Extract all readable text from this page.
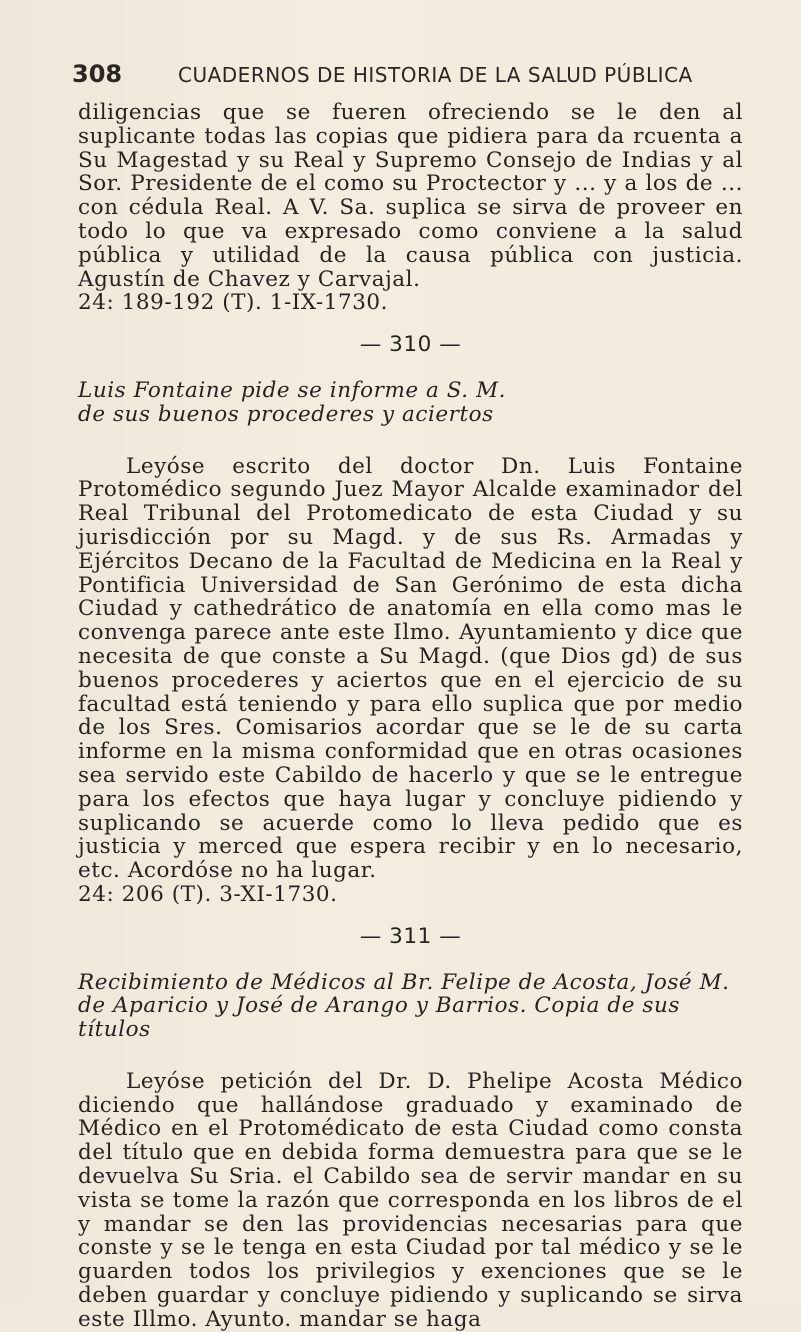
308	CUADERNOS DE HISTORIA DE LA SALUD PÚBLICA

diligencias que se fueren ofreciendo se le den al suplicante todas las copias que pidiera para da rcuenta a Su Magestad y su Real y Supremo Consejo de Indias y al Sor. Presidente de el como su Proctector y ... y a los de ... con cédula Real. A V. Sa. suplica se sirva de proveer en todo lo que va expresado como conviene a la salud pública y utilidad de la causa pública con justicia. Agustín de Chavez y Carvajal.

24: 189-192 (T). 1-IX-1730.

— 310 —
Luis Fontaine pide se informe a S. M.
de sus buenos procederes y aciertos

Leyóse escrito del doctor Dn. Luis Fontaine Protomédico segundo Juez Mayor Alcalde examinador del Real Tribunal del Protomedicato de esta Ciudad y su jurisdicción por su Magd. y de sus Rs. Armadas y Ejércitos Decano de la Facultad de Medicina en la Real y Pontificia Universidad de San Gerónimo de esta dicha Ciudad y cathedrático de anatomía en ella como mas le convenga parece ante este Ilmo. Ayuntamiento y dice que necesita de que conste a Su Magd. (que Dios gd) de sus buenos procederes y aciertos que en el ejercicio de su facultad está teniendo y para ello suplica que por medio de los Sres. Comisarios acordar que se le de su carta informe en la misma conformidad que en otras ocasiones sea servido este Cabildo de hacerlo y que se le entregue para los efectos que haya lugar y concluye pidiendo y suplicando se acuerde como lo lleva pedido que es justicia y merced que espera recibir y en lo necesario, etc. Acordóse no ha lugar.

24: 206 (T). 3-XI-1730.

— 311 —
Recibimiento de Médicos al Br. Felipe de Acosta, José M.
de Aparicio y José de Arango y Barrios. Copia de sus títulos

Leyóse petición del Dr. D. Phelipe Acosta Médico diciendo que hallándose graduado y examinado de Médico en el Protomédicato de esta Ciudad como consta del título que en debida forma demuestra para que se le devuelva Su Sria. el Cabildo sea de servir mandar en su vista se tome la razón que corresponda en los libros de el y mandar se den las providencias necesarias para que conste y se le tenga en esta Ciudad por tal médico y se le guarden todos los privilegios y exenciones que se le deben guardar y concluye pidiendo y suplicando se sirva este Illmo. Ayunto. mandar se haga
